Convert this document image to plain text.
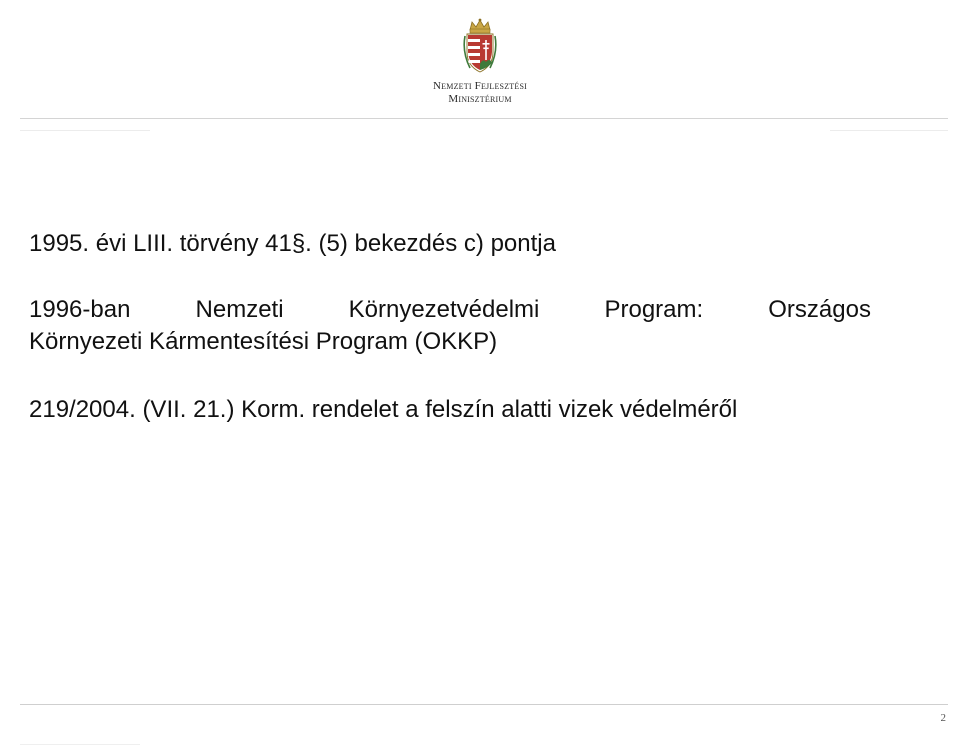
Nemzeti Fejlesztési
Minisztérium

1995. évi LIII. törvény 41§. (5) bekezdés c) pontja

1996-ban	Nemzeti	Környezetvédelmi	Program:	Országos
Környezeti Kármentesítési Program (OKKP)

219/2004. (VII. 21.) Korm. rendelet a felszín alatti vizek védelméről

2
